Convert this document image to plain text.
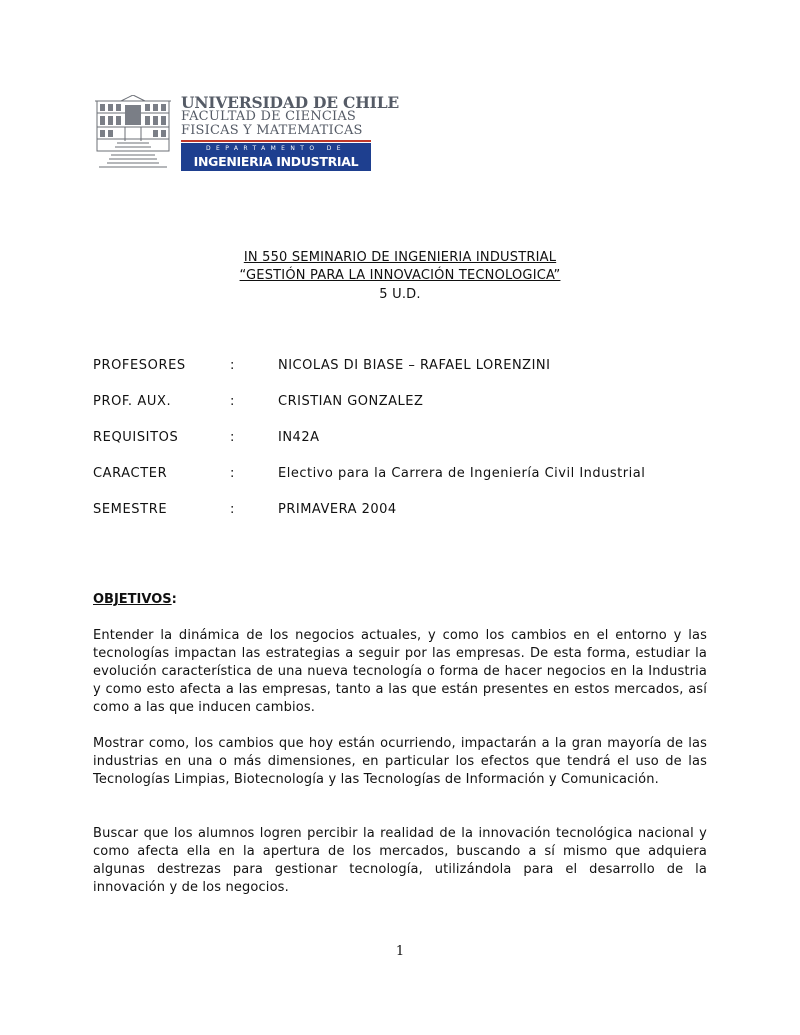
UNIVERSIDAD DE CHILE
FACULTAD DE CIENCIAS
FISICAS Y MATEMATICAS
DEPARTAMENTO DE
INGENIERIA INDUSTRIAL
IN 550 SEMINARIO DE INGENIERIA INDUSTRIAL
“GESTIÓN PARA LA INNOVACIÓN TECNOLOGICA”
5 U.D.
PROFESORES	:	NICOLAS DI BIASE – RAFAEL LORENZINI
PROF. AUX.	:	CRISTIAN GONZALEZ
REQUISITOS	:	IN42A
CARACTER	:	Electivo para la Carrera de Ingeniería Civil Industrial
SEMESTRE	:	PRIMAVERA 2004
OBJETIVOS:
Entender la dinámica de los negocios actuales, y como los cambios en el entorno y las tecnologías impactan las estrategias a seguir por las empresas. De esta forma, estudiar la evolución característica de una nueva tecnología o forma de hacer negocios en la Industria y como esto afecta a las empresas, tanto a las que están presentes en estos mercados, así como a las que inducen cambios.
Mostrar como, los cambios que hoy están ocurriendo, impactarán a la gran mayoría de las industrias en una o más dimensiones, en particular los efectos que tendrá el uso de las Tecnologías Limpias, Biotecnología y las Tecnologías de Información y Comunicación.
Buscar que los alumnos logren percibir la realidad de la innovación tecnológica nacional y como afecta ella en la apertura de los mercados, buscando a sí mismo que adquiera algunas destrezas para gestionar tecnología, utilizándola para el desarrollo de la innovación y de los negocios.
1
